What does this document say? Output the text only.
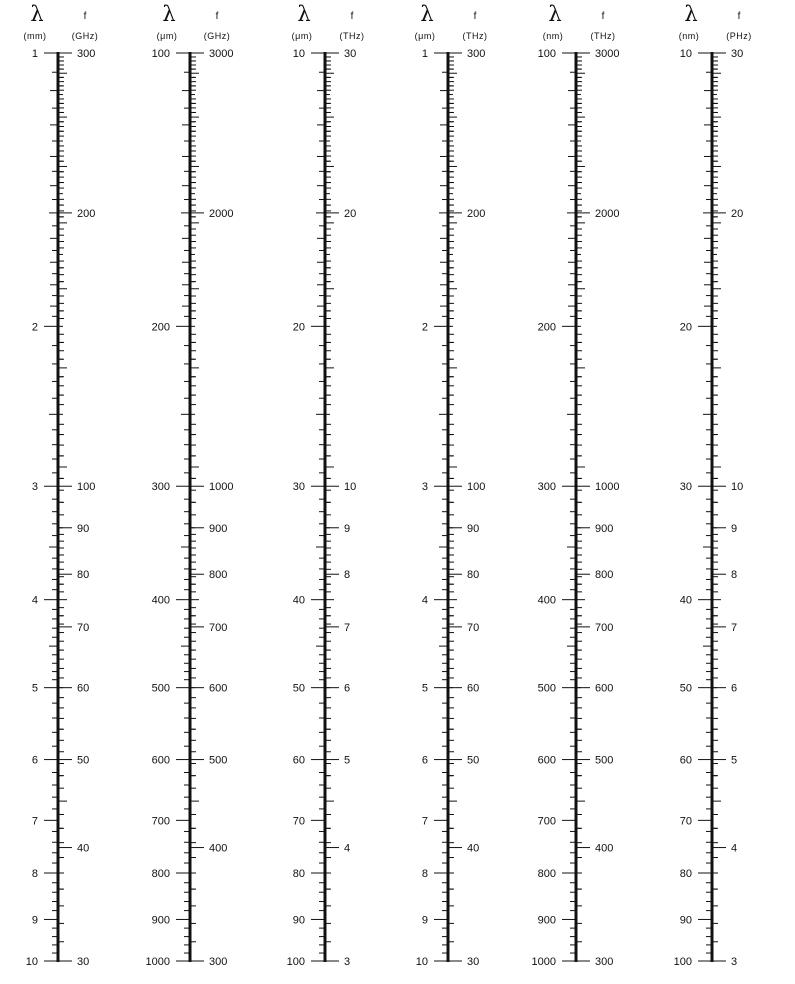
λ	f
(mm)	(GHz)
1
2
3
4
5
6
7
8
9
10
300
200
100
90
80
70
60
50
40
30
λ	f
(μm)	(GHz)
100
200
300
400
500
600
700
800
900
1000
3000
2000
1000
900
800
700
600
500
400
300
λ	f
(μm)	(THz)
10
20
30
40
50
60
70
80
90
100
30
20
10
9
8
7
6
5
4
3
λ	f
(μm)	(THz)
1
2
3
4
5
6
7
8
9
10
300
200
100
90
80
70
60
50
40
30
λ	f
(nm)	(THz)
100
200
300
400
500
600
700
800
900
1000
3000
2000
1000
900
800
700
600
500
400
300
λ	f
(nm)	(PHz)
10
20
30
40
50
60
70
80
90
100
30
20
10
9
8
7
6
5
4
3
